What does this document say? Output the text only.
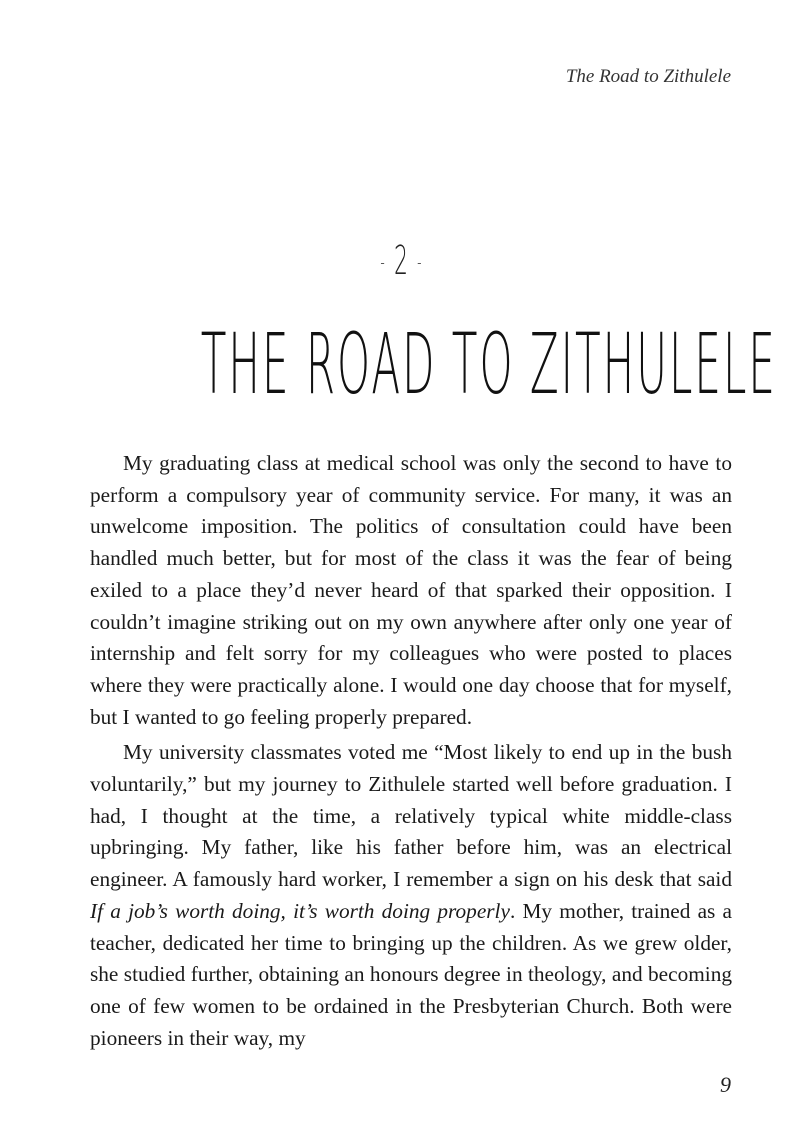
The Road to Zithulele
- 2 -
THE ROAD TO ZITHULELE

My graduating class at medical school was only the second to have to perform a compulsory year of community service. For many, it was an unwelcome imposition. The politics of consultation could have been handled much better, but for most of the class it was the fear of being exiled to a place they’d never heard of that sparked their opposition. I couldn’t imagine striking out on my own anywhere after only one year of internship and felt sorry for my colleagues who were posted to places where they were practically alone. I would one day choose that for myself, but I wanted to go feeling properly prepared.

My university classmates voted me “Most likely to end up in the bush voluntarily,” but my journey to Zithulele started well before graduation. I had, I thought at the time, a relatively typical white middle-class upbringing. My father, like his father before him, was an electrical engineer. A famously hard worker, I remember a sign on his desk that said If a job’s worth doing, it’s worth doing properly. My mother, trained as a teacher, dedicated her time to bringing up the children. As we grew older, she studied further, obtaining an honours degree in theology, and becoming one of few women to be ordained in the Presbyterian Church. Both were pioneers in their way, my

9
